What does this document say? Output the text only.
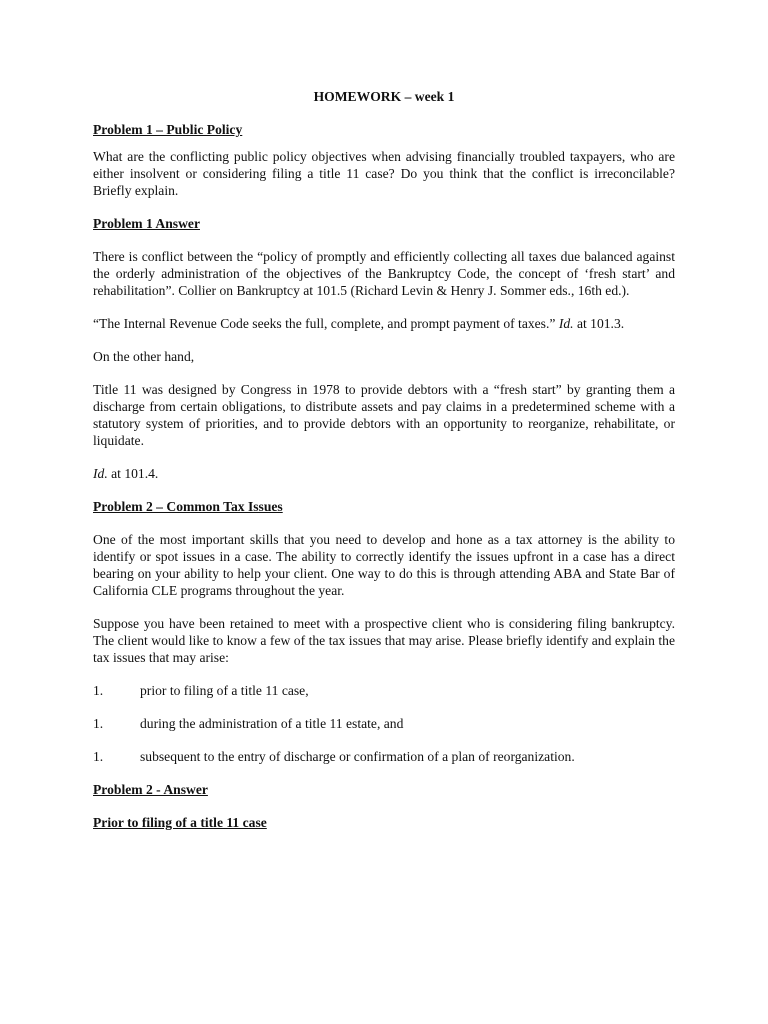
HOMEWORK – week 1
Problem 1 – Public Policy

What are the conflicting public policy objectives when advising financially troubled taxpayers, who are either insolvent or considering filing a title 11 case? Do you think that the conflict is irreconcilable? Briefly explain.

Problem 1 Answer

There is conflict between the “policy of promptly and efficiently collecting all taxes due balanced against the orderly administration of the objectives of the Bankruptcy Code, the concept of ‘fresh start’ and rehabilitation”. Collier on Bankruptcy at 101.5 (Richard Levin & Henry J. Sommer eds., 16th ed.).

“The Internal Revenue Code seeks the full, complete, and prompt payment of taxes.” Id. at 101.3.

On the other hand,

Title 11 was designed by Congress in 1978 to provide debtors with a “fresh start” by granting them a discharge from certain obligations, to distribute assets and pay claims in a predetermined scheme with a statutory system of priorities, and to provide debtors with an opportunity to reorganize, rehabilitate, or liquidate.

Id. at 101.4.

Problem 2 – Common Tax Issues

One of the most important skills that you need to develop and hone as a tax attorney is the ability to identify or spot issues in a case. The ability to correctly identify the issues upfront in a case has a direct bearing on your ability to help your client. One way to do this is through attending ABA and State Bar of California CLE programs throughout the year.

Suppose you have been retained to meet with a prospective client who is considering filing bankruptcy. The client would like to know a few of the tax issues that may arise. Please briefly identify and explain the tax issues that may arise:

1.	prior to filing of a title 11 case,
1.	during the administration of a title 11 estate, and
1.	subsequent to the entry of discharge or confirmation of a plan of reorganization.
Problem 2 - Answer
Prior to filing of a title 11 case
